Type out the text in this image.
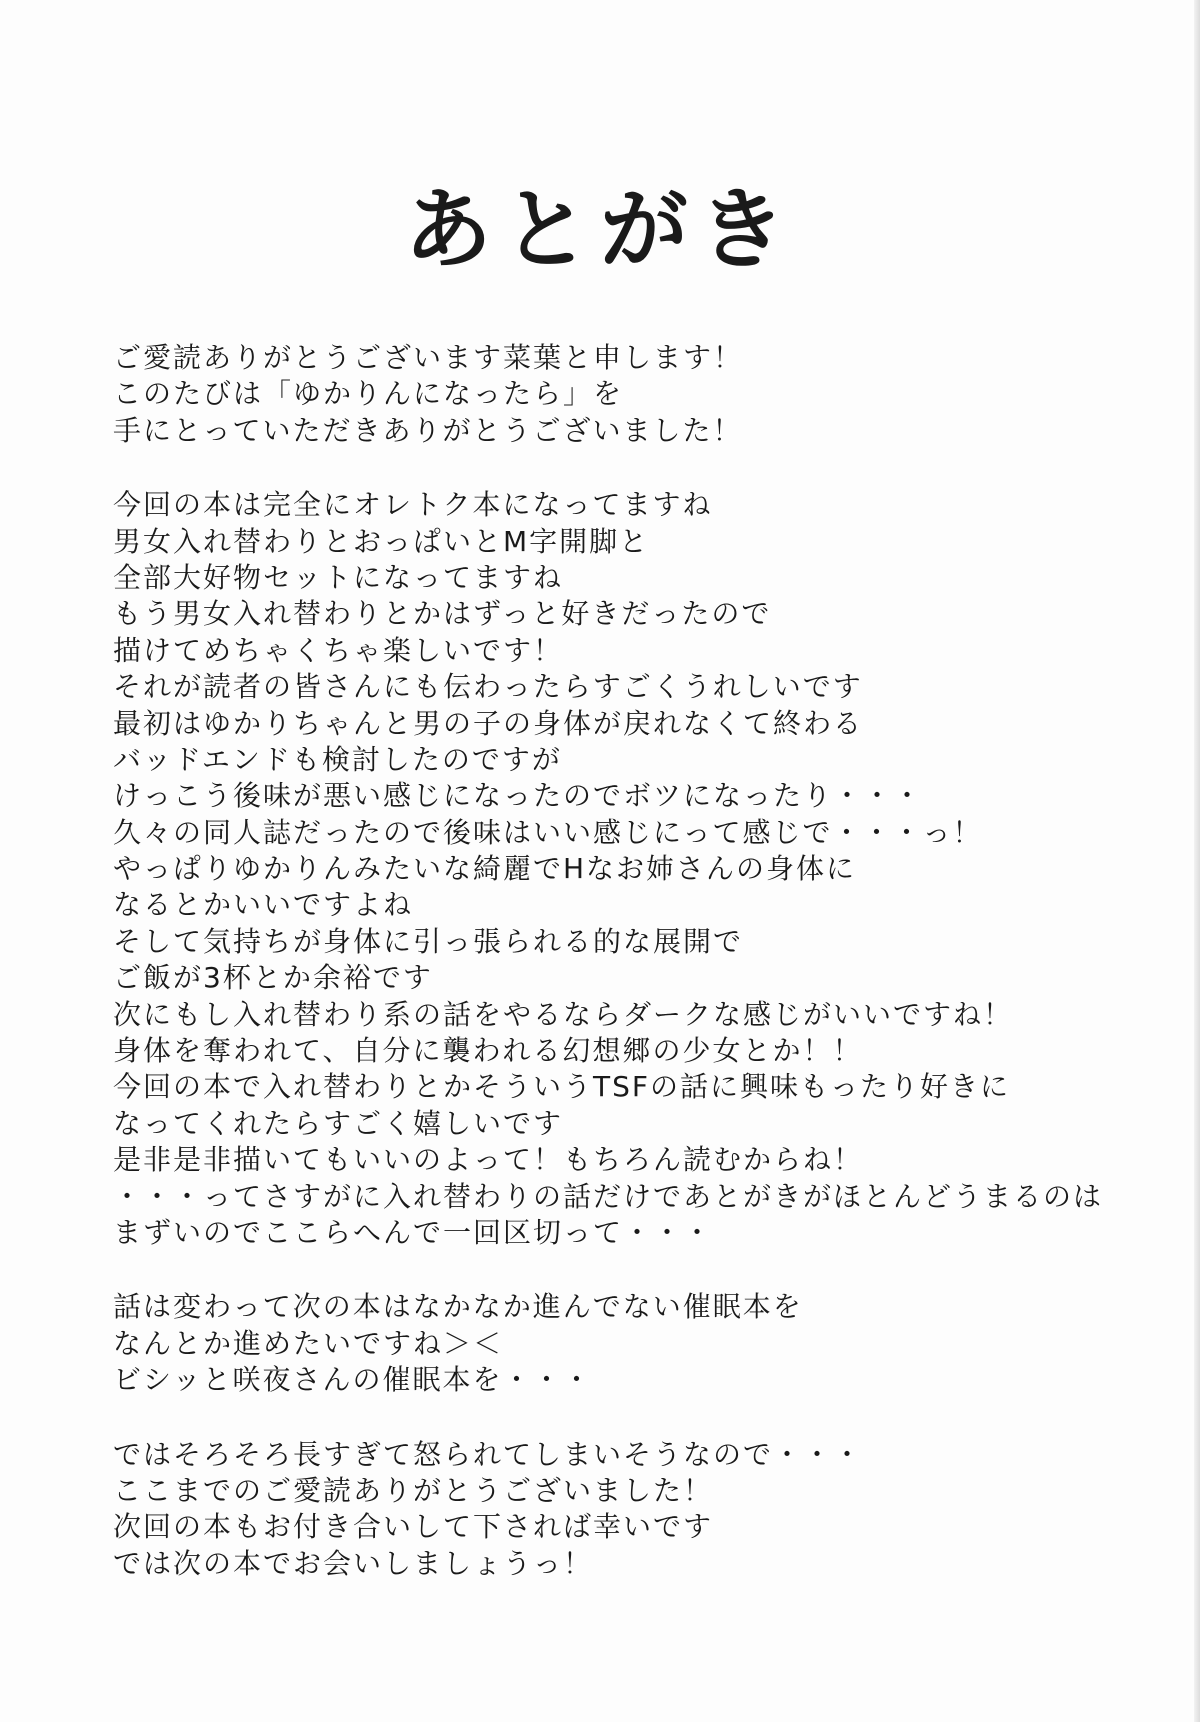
あとがき
ご愛読ありがとうございます菜葉と申します！
このたびは「ゆかりんになったら」を
手にとっていただきありがとうございました！
今回の本は完全にオレトク本になってますね
男女入れ替わりとおっぱいとM字開脚と
全部大好物セットになってますね
もう男女入れ替わりとかはずっと好きだったので
描けてめちゃくちゃ楽しいです！
それが読者の皆さんにも伝わったらすごくうれしいです
最初はゆかりちゃんと男の子の身体が戻れなくて終わる
バッドエンドも検討したのですが
けっこう後味が悪い感じになったのでボツになったり・・・
久々の同人誌だったので後味はいい感じにって感じで・・・っ！
やっぱりゆかりんみたいな綺麗でHなお姉さんの身体に
なるとかいいですよね
そして気持ちが身体に引っ張られる的な展開で
ご飯が3杯とか余裕です
次にもし入れ替わり系の話をやるならダークな感じがいいですね！
身体を奪われて、自分に襲われる幻想郷の少女とか！！
今回の本で入れ替わりとかそういうTSFの話に興味もったり好きに
なってくれたらすごく嬉しいです
是非是非描いてもいいのよって！もちろん読むからね！
・・・ってさすがに入れ替わりの話だけであとがきがほとんどうまるのは
まずいのでここらへんで一回区切って・・・
話は変わって次の本はなかなか進んでない催眠本を
なんとか進めたいですね＞＜
ビシッと咲夜さんの催眠本を・・・
ではそろそろ長すぎて怒られてしまいそうなので・・・
ここまでのご愛読ありがとうございました！
次回の本もお付き合いして下されば幸いです
では次の本でお会いしましょうっ！
